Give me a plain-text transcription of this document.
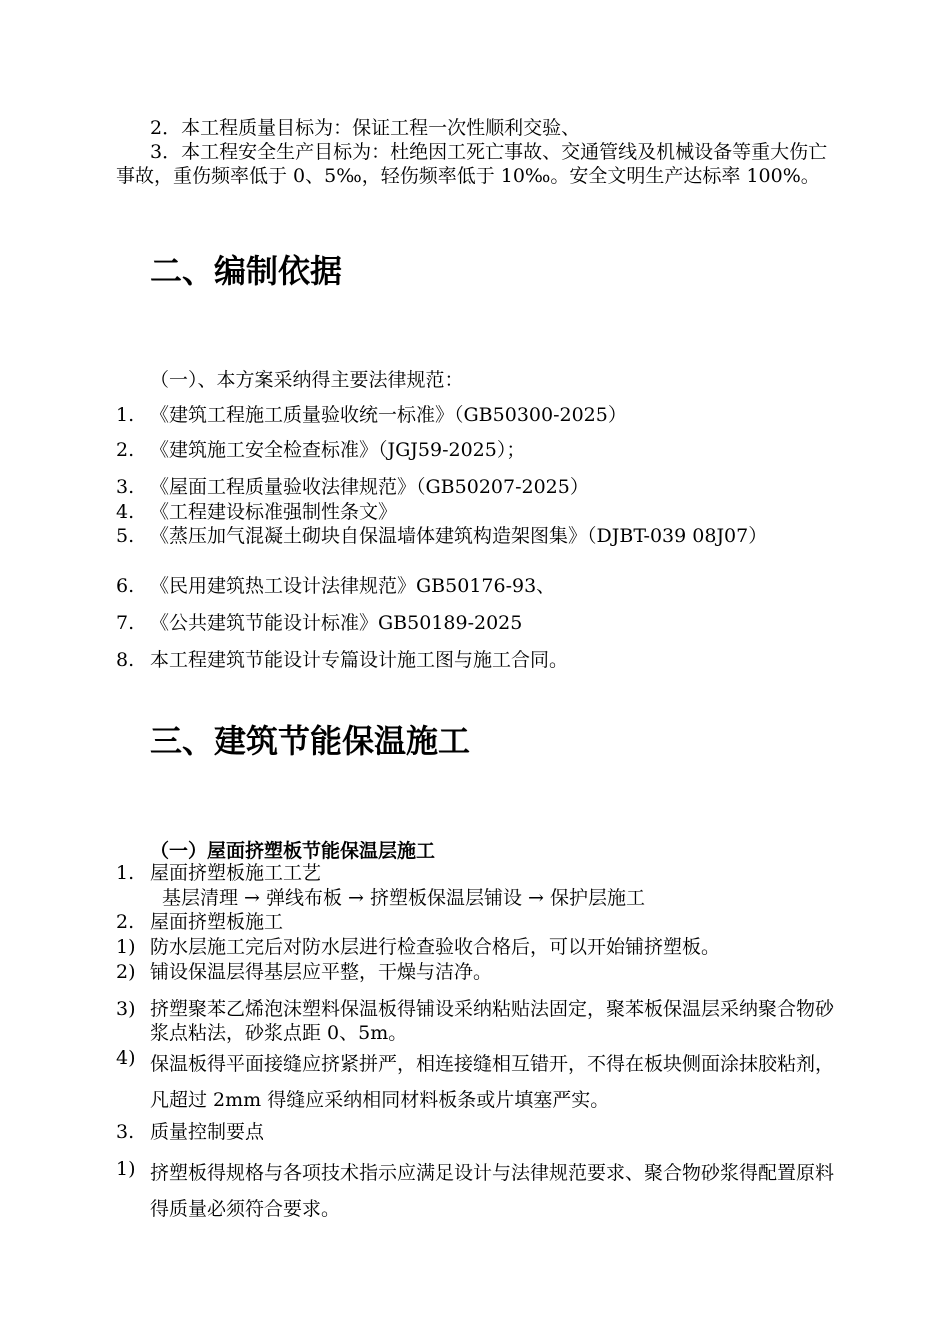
2．本工程质量目标为：保证工程一次性顺利交验、
3．本工程安全生产目标为：杜绝因工死亡事故、交通管线及机械设备等重大伤亡事故，重伤频率低于 0、5‰，轻伤频率低于 10‰。安全文明生产达标率 100%。
二、编制依据
（一）、本方案采纳得主要法律规范：
1. 《建筑工程施工质量验收统一标准》（GB50300-2025）
2. 《建筑施工安全检查标准》（JGJ59-2025）；
3. 《屋面工程质量验收法律规范》（GB50207-2025）
4. 《工程建设标准强制性条文》
5. 《蒸压加气混凝土砌块自保温墙体建筑构造架图集》（DJBT-039 08J07）
6. 《民用建筑热工设计法律规范》GB50176-93、
7. 《公共建筑节能设计标准》GB50189-2025
8. 本工程建筑节能设计专篇设计施工图与施工合同。
三、建筑节能保温施工
（一）屋面挤塑板节能保温层施工
1. 屋面挤塑板施工工艺
基层清理 → 弹线布板 → 挤塑板保温层铺设 → 保护层施工
2. 屋面挤塑板施工
1) 防水层施工完后对防水层进行检查验收合格后，可以开始铺挤塑板。
2) 铺设保温层得基层应平整，干燥与洁净。
3) 挤塑聚苯乙烯泡沫塑料保温板得铺设采纳粘贴法固定，聚苯板保温层采纳聚合物砂浆点粘法，砂浆点距 0、5m。
4) 保温板得平面接缝应挤紧拼严，相连接缝相互错开，不得在板块侧面涂抹胶粘剂，凡超过 2mm 得缝应采纳相同材料板条或片填塞严实。
3. 质量控制要点
1) 挤塑板得规格与各项技术指示应满足设计与法律规范要求、聚合物砂浆得配置原料得质量必须符合要求。
